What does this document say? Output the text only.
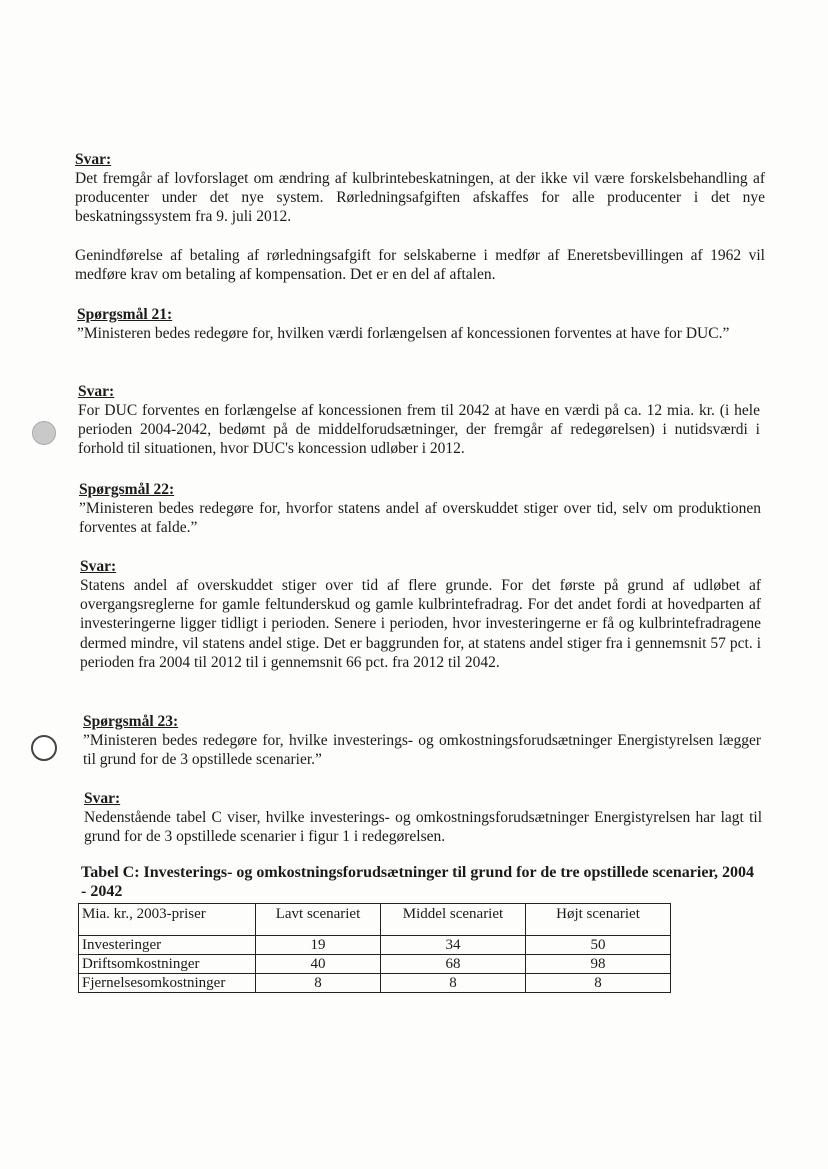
Svar:

Det fremgår af lovforslaget om ændring af kulbrintebeskatningen, at der ikke vil være forskelsbehandling af producenter under det nye system. Rørledningsafgiften afskaffes for alle producenter i det nye beskatningssystem fra 9. juli 2012.

Genindførelse af betaling af rørledningsafgift for selskaberne i medfør af Eneretsbevillingen af 1962 vil medføre krav om betaling af kompensation. Det er en del af aftalen.

Spørgsmål 21:

”Ministeren bedes redegøre for, hvilken værdi forlængelsen af koncessionen forventes at have for DUC.”

Svar:

For DUC forventes en forlængelse af koncessionen frem til 2042 at have en værdi på ca. 12 mia. kr. (i hele perioden 2004-2042, bedømt på de middelforudsætninger, der fremgår af redegørelsen) i nutidsværdi i forhold til situationen, hvor DUC's koncession udløber i 2012.

Spørgsmål 22:

”Ministeren bedes redegøre for, hvorfor statens andel af overskuddet stiger over tid, selv om produktionen forventes at falde.”

Svar:

Statens andel af overskuddet stiger over tid af flere grunde. For det første på grund af udløbet af overgangsreglerne for gamle feltunderskud og gamle kulbrintefradrag. For det andet fordi at hovedparten af investeringerne ligger tidligt i perioden. Senere i perioden, hvor investeringerne er få og kulbrintefradragene dermed mindre, vil statens andel stige. Det er baggrunden for, at statens andel stiger fra i gennemsnit 57 pct. i perioden fra 2004 til 2012 til i gennemsnit 66 pct. fra 2012 til 2042.

Spørgsmål 23:

”Ministeren bedes redegøre for, hvilke investerings- og omkostningsforudsætninger Energistyrelsen lægger til grund for de 3 opstillede scenarier.”

Svar:

Nedenstående tabel C viser, hvilke investerings- og omkostningsforudsætninger Energistyrelsen har lagt til grund for de 3 opstillede scenarier i figur 1 i redegørelsen.

Tabel C: Investerings- og omkostningsforudsætninger til grund for de tre opstillede scenarier, 2004 - 2042

Mia. kr., 2003-priser	Lavt scenariet	Middel scenariet	Højt scenariet
Investeringer	19	34	50
Driftsomkostninger	40	68	98
Fjernelsesomkostninger	8	8	8
